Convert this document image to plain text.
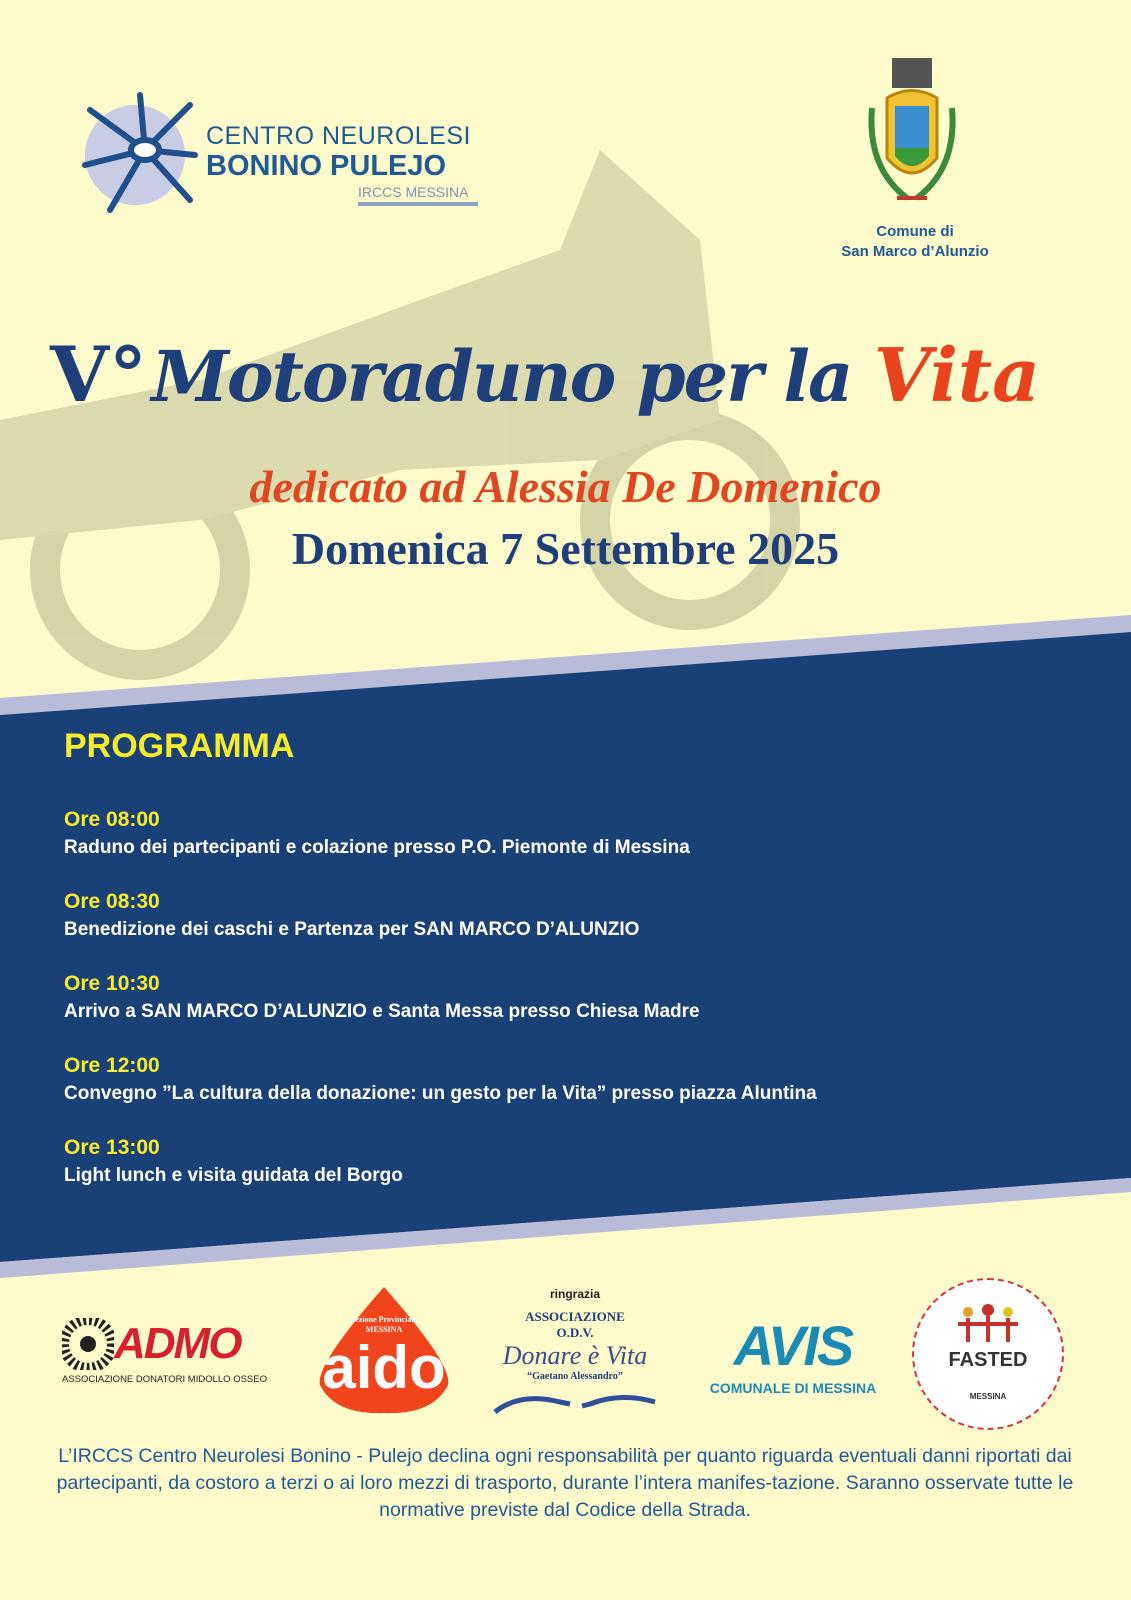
CENTRO NEUROLESI
BONINO PULEJO
IRCCS MESSINA
Comune di
San Marco d’Alunzio
V° Motoraduno per la Vita
dedicato ad Alessia De Domenico
Domenica 7 Settembre 2025
PROGRAMMA
Ore 08:00
Raduno dei partecipanti e colazione presso P.O. Piemonte di Messina
Ore 08:30
Benedizione dei caschi e Partenza per SAN MARCO D’ALUNZIO
Ore 10:30
Arrivo a SAN MARCO D’ALUNZIO e Santa Messa presso Chiesa Madre
Ore 12:00
Convegno ”La cultura della donazione: un gesto per la Vita” presso piazza Aluntina
Ore 13:00
Light lunch e visita guidata del Borgo
ADMO
ASSOCIAZIONE DONATORI MIDOLLO OSSEO
Sezione Provinciale
MESSINA
aido
ringrazia
ASSOCIAZIONE
O.D.V.
Donare è Vita
“Gaetano Alessandro”	AVIS
COMUNALE DI MESSINA
FASTED
MESSINA
L’IRCCS Centro Neurolesi Bonino - Pulejo declina ogni responsabilità per quanto riguarda eventuali danni riportati dai partecipanti, da costoro a terzi o ai loro mezzi di trasporto, durante l’intera manifes-tazione. Saranno osservate tutte le normative previste dal Codice della Strada.
